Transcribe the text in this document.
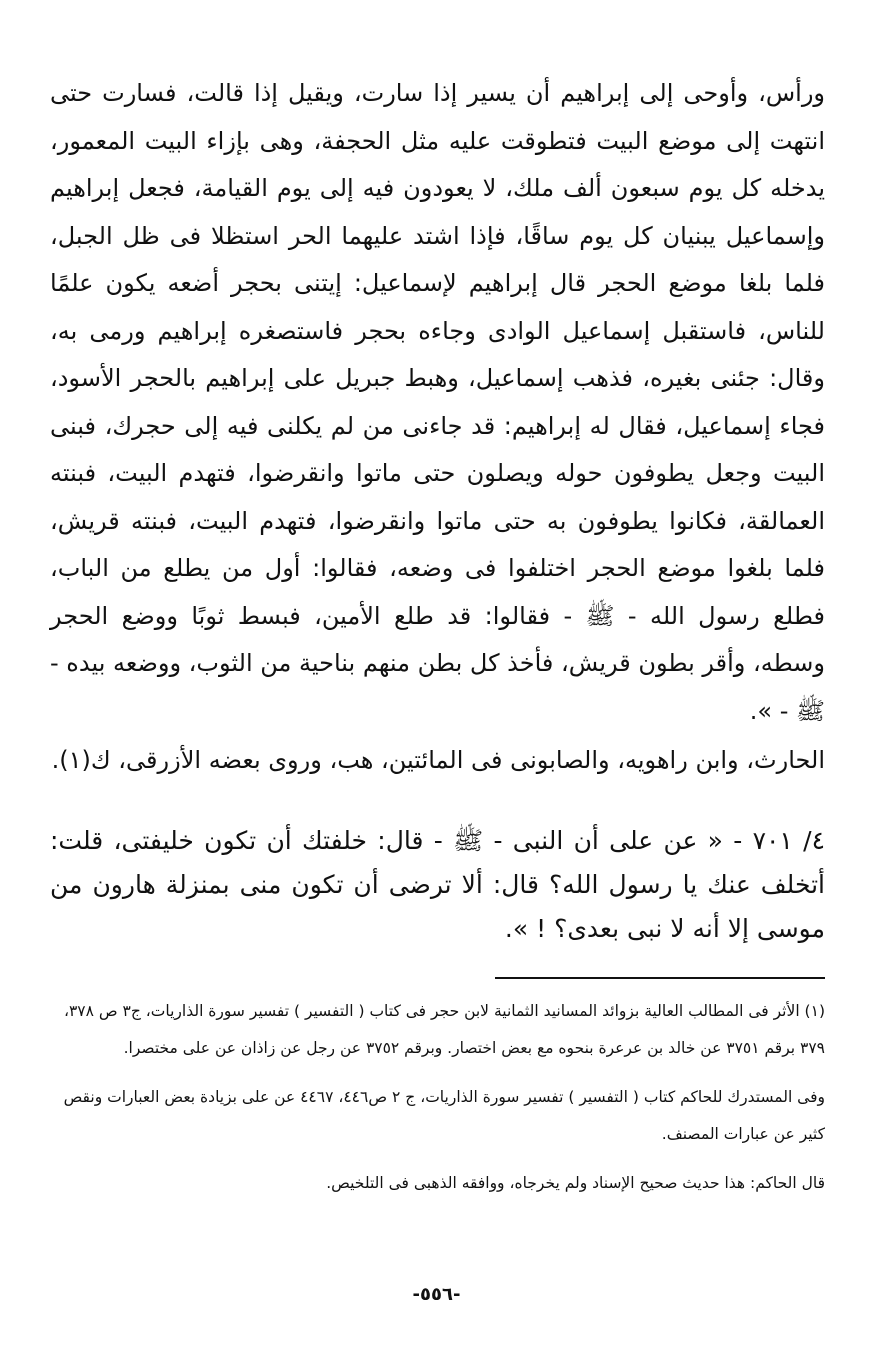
ورأس، وأوحى إلى إبراهيم أن يسير إذا سارت، ويقيل إذا قالت، فسارت حتى انتهت إلى موضع البيت فتطوقت عليه مثل الحجفة، وهى بإزاء البيت المعمور، يدخله كل يوم سبعون ألف ملك، لا يعودون فيه إلى يوم القيامة، فجعل إبراهيم وإسماعيل يبنيان كل يوم ساقًا، فإذا اشتد عليهما الحر استظلا فى ظل الجبل، فلما بلغا موضع الحجر قال إبراهيم لإسماعيل: إيتنى بحجر أضعه يكون علمًا للناس، فاستقبل إسماعيل الوادى وجاءه بحجر فاستصغره إبراهيم ورمى به، وقال: جئنى بغيره، فذهب إسماعيل، وهبط جبريل على إبراهيم بالحجر الأسود، فجاء إسماعيل، فقال له إبراهيم: قد جاءنى من لم يكلنى فيه إلى حجرك، فبنى البيت وجعل يطوفون حوله ويصلون حتى ماتوا وانقرضوا، فتهدم البيت، فبنته العمالقة، فكانوا يطوفون به حتى ماتوا وانقرضوا، فتهدم البيت، فبنته قريش، فلما بلغوا موضع الحجر اختلفوا فى وضعه، فقالوا: أول من يطلع من الباب، فطلع رسول الله - ﷺ - فقالوا: قد طلع الأمين، فبسط ثوبًا ووضع الحجر وسطه، وأقر بطون قريش، فأخذ كل بطن منهم بناحية من الثوب، ووضعه بيده - ﷺ - ».

الحارث، وابن راهويه، والصابونى فى المائتين، هب، وروى بعضه الأزرقى، ك(١).

٤/ ٧٠١ - « عن على أن النبى - ﷺ - قال: خلفتك أن تكون خليفتى، قلت: أتخلف عنك يا رسول الله؟ قال: ألا ترضى أن تكون منى بمنزلة هارون من موسى إلا أنه لا نبى بعدى؟ ! ».

(١) الأثر فى المطالب العالية بزوائد المسانيد الثمانية لابن حجر فى كتاب ( التفسير ) تفسير سورة الذاريات، ج٣ ص ٣٧٨، ٣٧٩ برقم ٣٧٥١ عن خالد بن عرعرة بنحوه مع بعض اختصار. وبرقم ٣٧٥٢ عن رجل عن زاذان عن على مختصرا.

وفى المستدرك للحاكم كتاب ( التفسير ) تفسير سورة الذاريات، ج ٢ ص٤٤٦، ٤٤٦٧ عن على بزيادة بعض العبارات ونقص كثير عن عبارات المصنف.

قال الحاكم: هذا حديث صحيح الإسناد ولم يخرجاه، ووافقه الذهبى فى التلخيص.

-٥٥٦-
